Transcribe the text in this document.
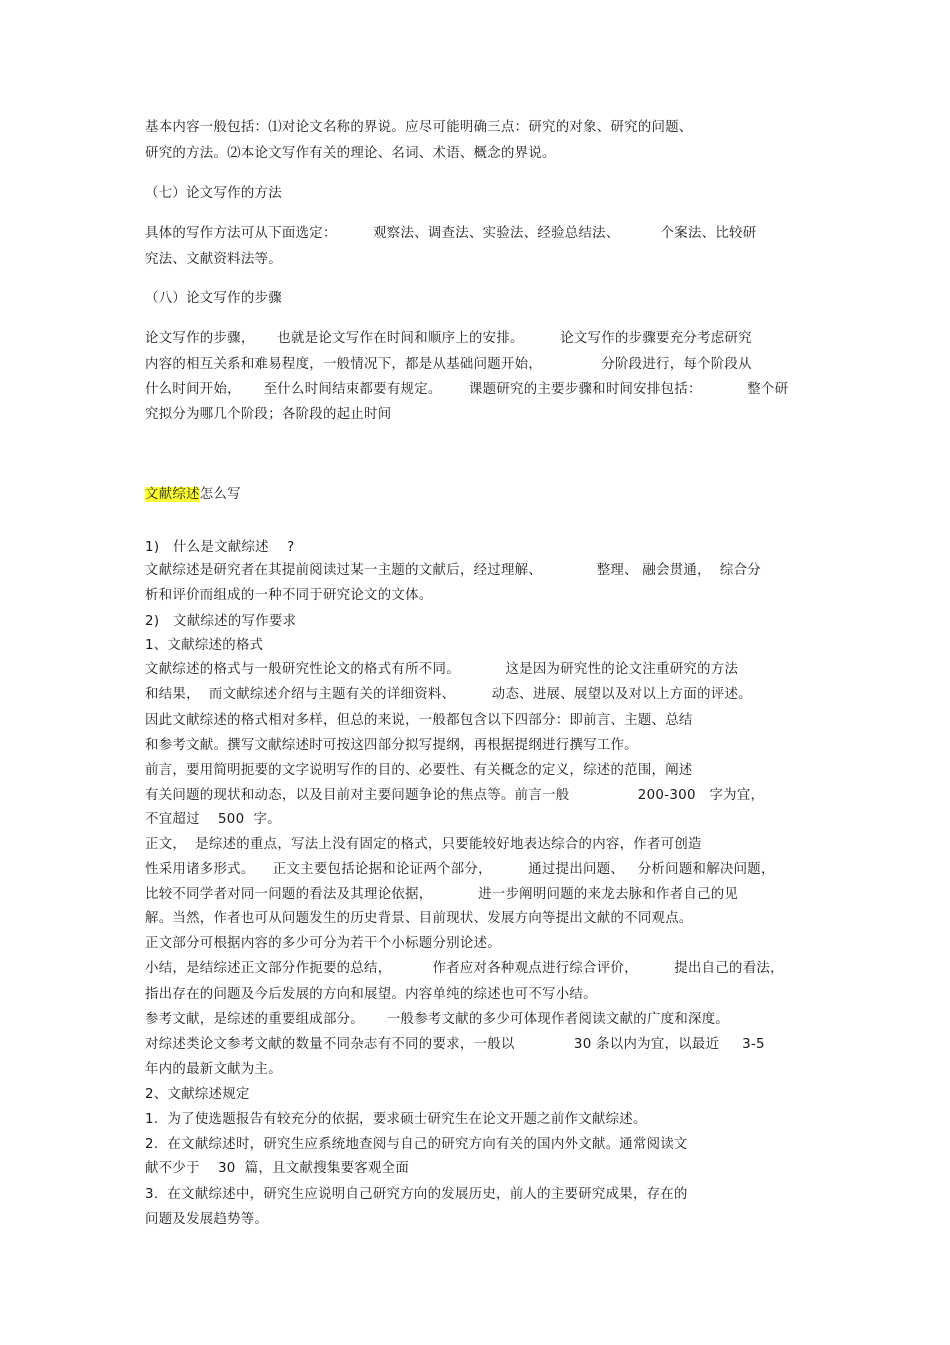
基本内容一般包括：⑴对论文名称的界说。应尽可能明确三点：研究的对象、研究的问题、
研究的方法。⑵本论文写作有关的理论、名词、术语、概念的界说。
（七）论文写作的方法
具体的写作方法可从下面选定：        观察法、调查法、实验法、经验总结法、         个案法、比较研
究法、文献资料法等。
（八）论文写作的步骤
论文写作的步骤，     也就是论文写作在时间和顺序上的安排。        论文写作的步骤要充分考虑研究
内容的相互关系和难易程度，一般情况下，都是从基础问题开始，             分阶段进行，每个阶段从
什么时间开始，     至什么时间结束都要有规定。      课题研究的主要步骤和时间安排包括：          整个研
究拟分为哪几个阶段；各阶段的起止时间
文献综述怎么写
1)   什么是文献综述    ?
文献综述是研究者在其提前阅读过某一主题的文献后，经过理解、            整理、 融会贯通，  综合分
析和评价而组成的一种不同于研究论文的文体。
2)   文献综述的写作要求
1、文献综述的格式
文献综述的格式与一般研究性论文的格式有所不同。          这是因为研究性的论文注重研究的方法
和结果，  而文献综述介绍与主题有关的详细资料、        动态、进展、展望以及对以上方面的评述。
因此文献综述的格式相对多样，但总的来说，一般都包含以下四部分：即前言、主题、总结
和参考文献。撰写文献综述时可按这四部分拟写提纲，再根据提纲进行撰写工作。
前言，要用简明扼要的文字说明写作的目的、必要性、有关概念的定义，综述的范围，阐述
有关问题的现状和动态，以及目前对主要问题争论的焦点等。前言一般               200-300   字为宜，
不宜超过    500  字。
正文，  是综述的重点，写法上没有固定的格式，只要能较好地表达综合的内容，作者可创造
性采用诸多形式。    正文主要包括论据和论证两个部分，        通过提出问题、   分析问题和解决问题，
比较不同学者对同一问题的看法及其理论依据，          进一步阐明问题的来龙去脉和作者自己的见
解。当然，作者也可从问题发生的历史背景、目前现状、发展方向等提出文献的不同观点。
正文部分可根据内容的多少可分为若干个小标题分别论述。
小结，是结综述正文部分作扼要的总结，         作者应对各种观点进行综合评价，        提出自己的看法，
指出存在的问题及今后发展的方向和展望。内容单纯的综述也可不写小结。
参考文献，是综述的重要组成部分。     一般参考文献的多少可体现作者阅读文献的广度和深度。
对综述类论文参考文献的数量不同杂志有不同的要求，一般以             30 条以内为宜，以最近     3-5
年内的最新文献为主。
2、文献综述规定
1.  为了使选题报告有较充分的依据，要求硕士研究生在论文开题之前作文献综述。
2.  在文献综述时，研究生应系统地查阅与自己的研究方向有关的国内外文献。通常阅读文
献不少于    30  篇，且文献搜集要客观全面
3.  在文献综述中，研究生应说明自己研究方向的发展历史，前人的主要研究成果，存在的
问题及发展趋势等。
